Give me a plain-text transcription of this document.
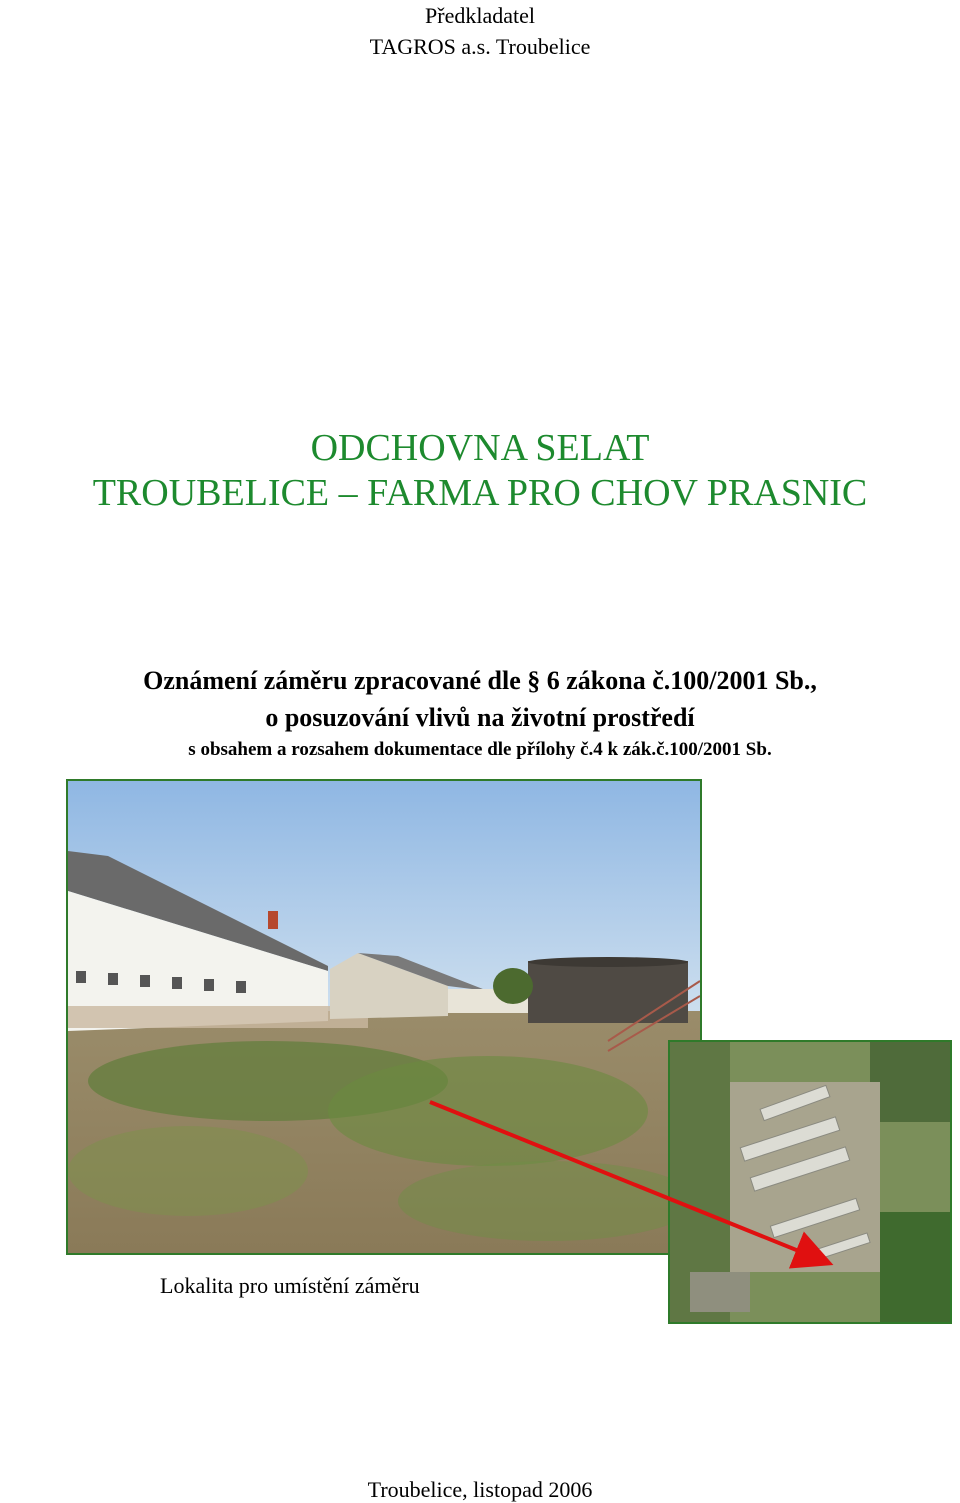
Předkladatel
TAGROS a.s. Troubelice
ODCHOVNA SELAT
TROUBELICE – FARMA PRO CHOV PRASNIC
Oznámení záměru zpracované dle § 6 zákona č.100/2001 Sb.,
o posuzování vlivů na životní prostředí
s obsahem a rozsahem dokumentace dle přílohy č.4 k zák.č.100/2001 Sb.
Lokalita pro umístění záměru
Troubelice, listopad 2006
